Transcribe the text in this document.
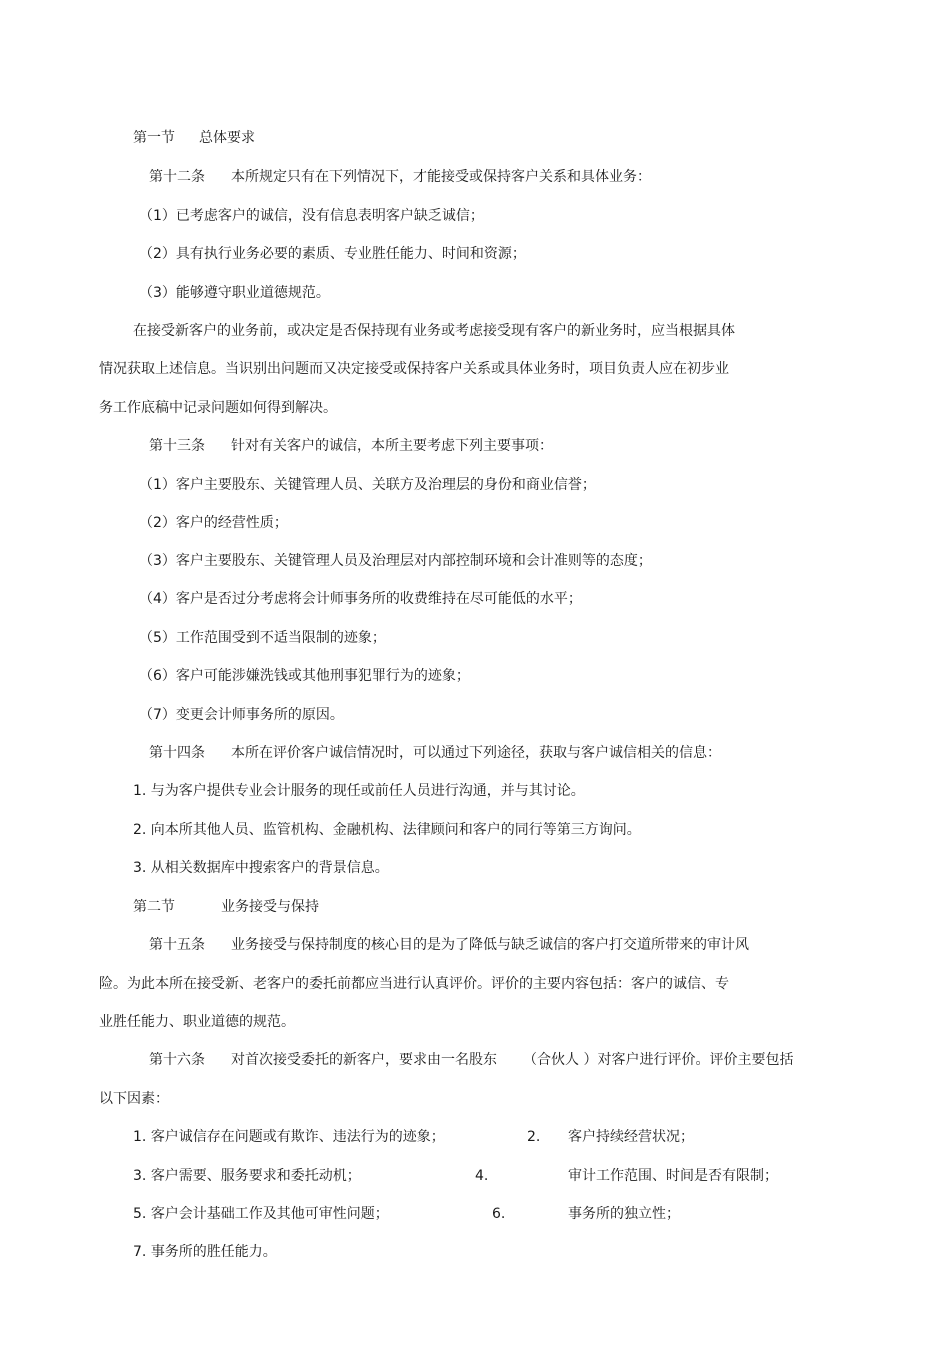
第一节 总体要求
第十二条 本所规定只有在下列情况下，才能接受或保持客户关系和具体业务：
（1）已考虑客户的诚信，没有信息表明客户缺乏诚信；
（2）具有执行业务必要的素质、专业胜任能力、时间和资源；
（3）能够遵守职业道德规范。
在接受新客户的业务前，或决定是否保持现有业务或考虑接受现有客户的新业务时，应当根据具体
情况获取上述信息。当识别出问题而又决定接受或保持客户关系或具体业务时，项目负责人应在初步业
务工作底稿中记录问题如何得到解决。
第十三条 针对有关客户的诚信，本所主要考虑下列主要事项：
（1）客户主要股东、关键管理人员、关联方及治理层的身份和商业信誉；
（2）客户的经营性质；
（3）客户主要股东、关键管理人员及治理层对内部控制环境和会计准则等的态度；
（4）客户是否过分考虑将会计师事务所的收费维持在尽可能低的水平；
（5）工作范围受到不适当限制的迹象；
（6）客户可能涉嫌洗钱或其他刑事犯罪行为的迹象；
（7）变更会计师事务所的原因。
第十四条 本所在评价客户诚信情况时，可以通过下列途径，获取与客户诚信相关的信息：
1. 与为客户提供专业会计服务的现任或前任人员进行沟通，并与其讨论。
2. 向本所其他人员、监管机构、金融机构、法律顾问和客户的同行等第三方询问。
3. 从相关数据库中搜索客户的背景信息。
第二节	业务接受与保持
第十五条 业务接受与保持制度的核心目的是为了降低与缺乏诚信的客户打交道所带来的审计风
险。为此本所在接受新、老客户的委托前都应当进行认真评价。评价的主要内容包括：客户的诚信、专
业胜任能力、职业道德的规范。
第十六条 对首次接受委托的新客户，要求由一名股东 （合伙人 ）对客户进行评价。评价主要包括
以下因素：
1. 客户诚信存在问题或有欺诈、违法行为的迹象；	2. 客户持续经营状况；
3. 客户需要、服务要求和委托动机；	4.	审计工作范围、时间是否有限制；
5. 客户会计基础工作及其他可审性问题；	6.	事务所的独立性；
7. 事务所的胜任能力。
